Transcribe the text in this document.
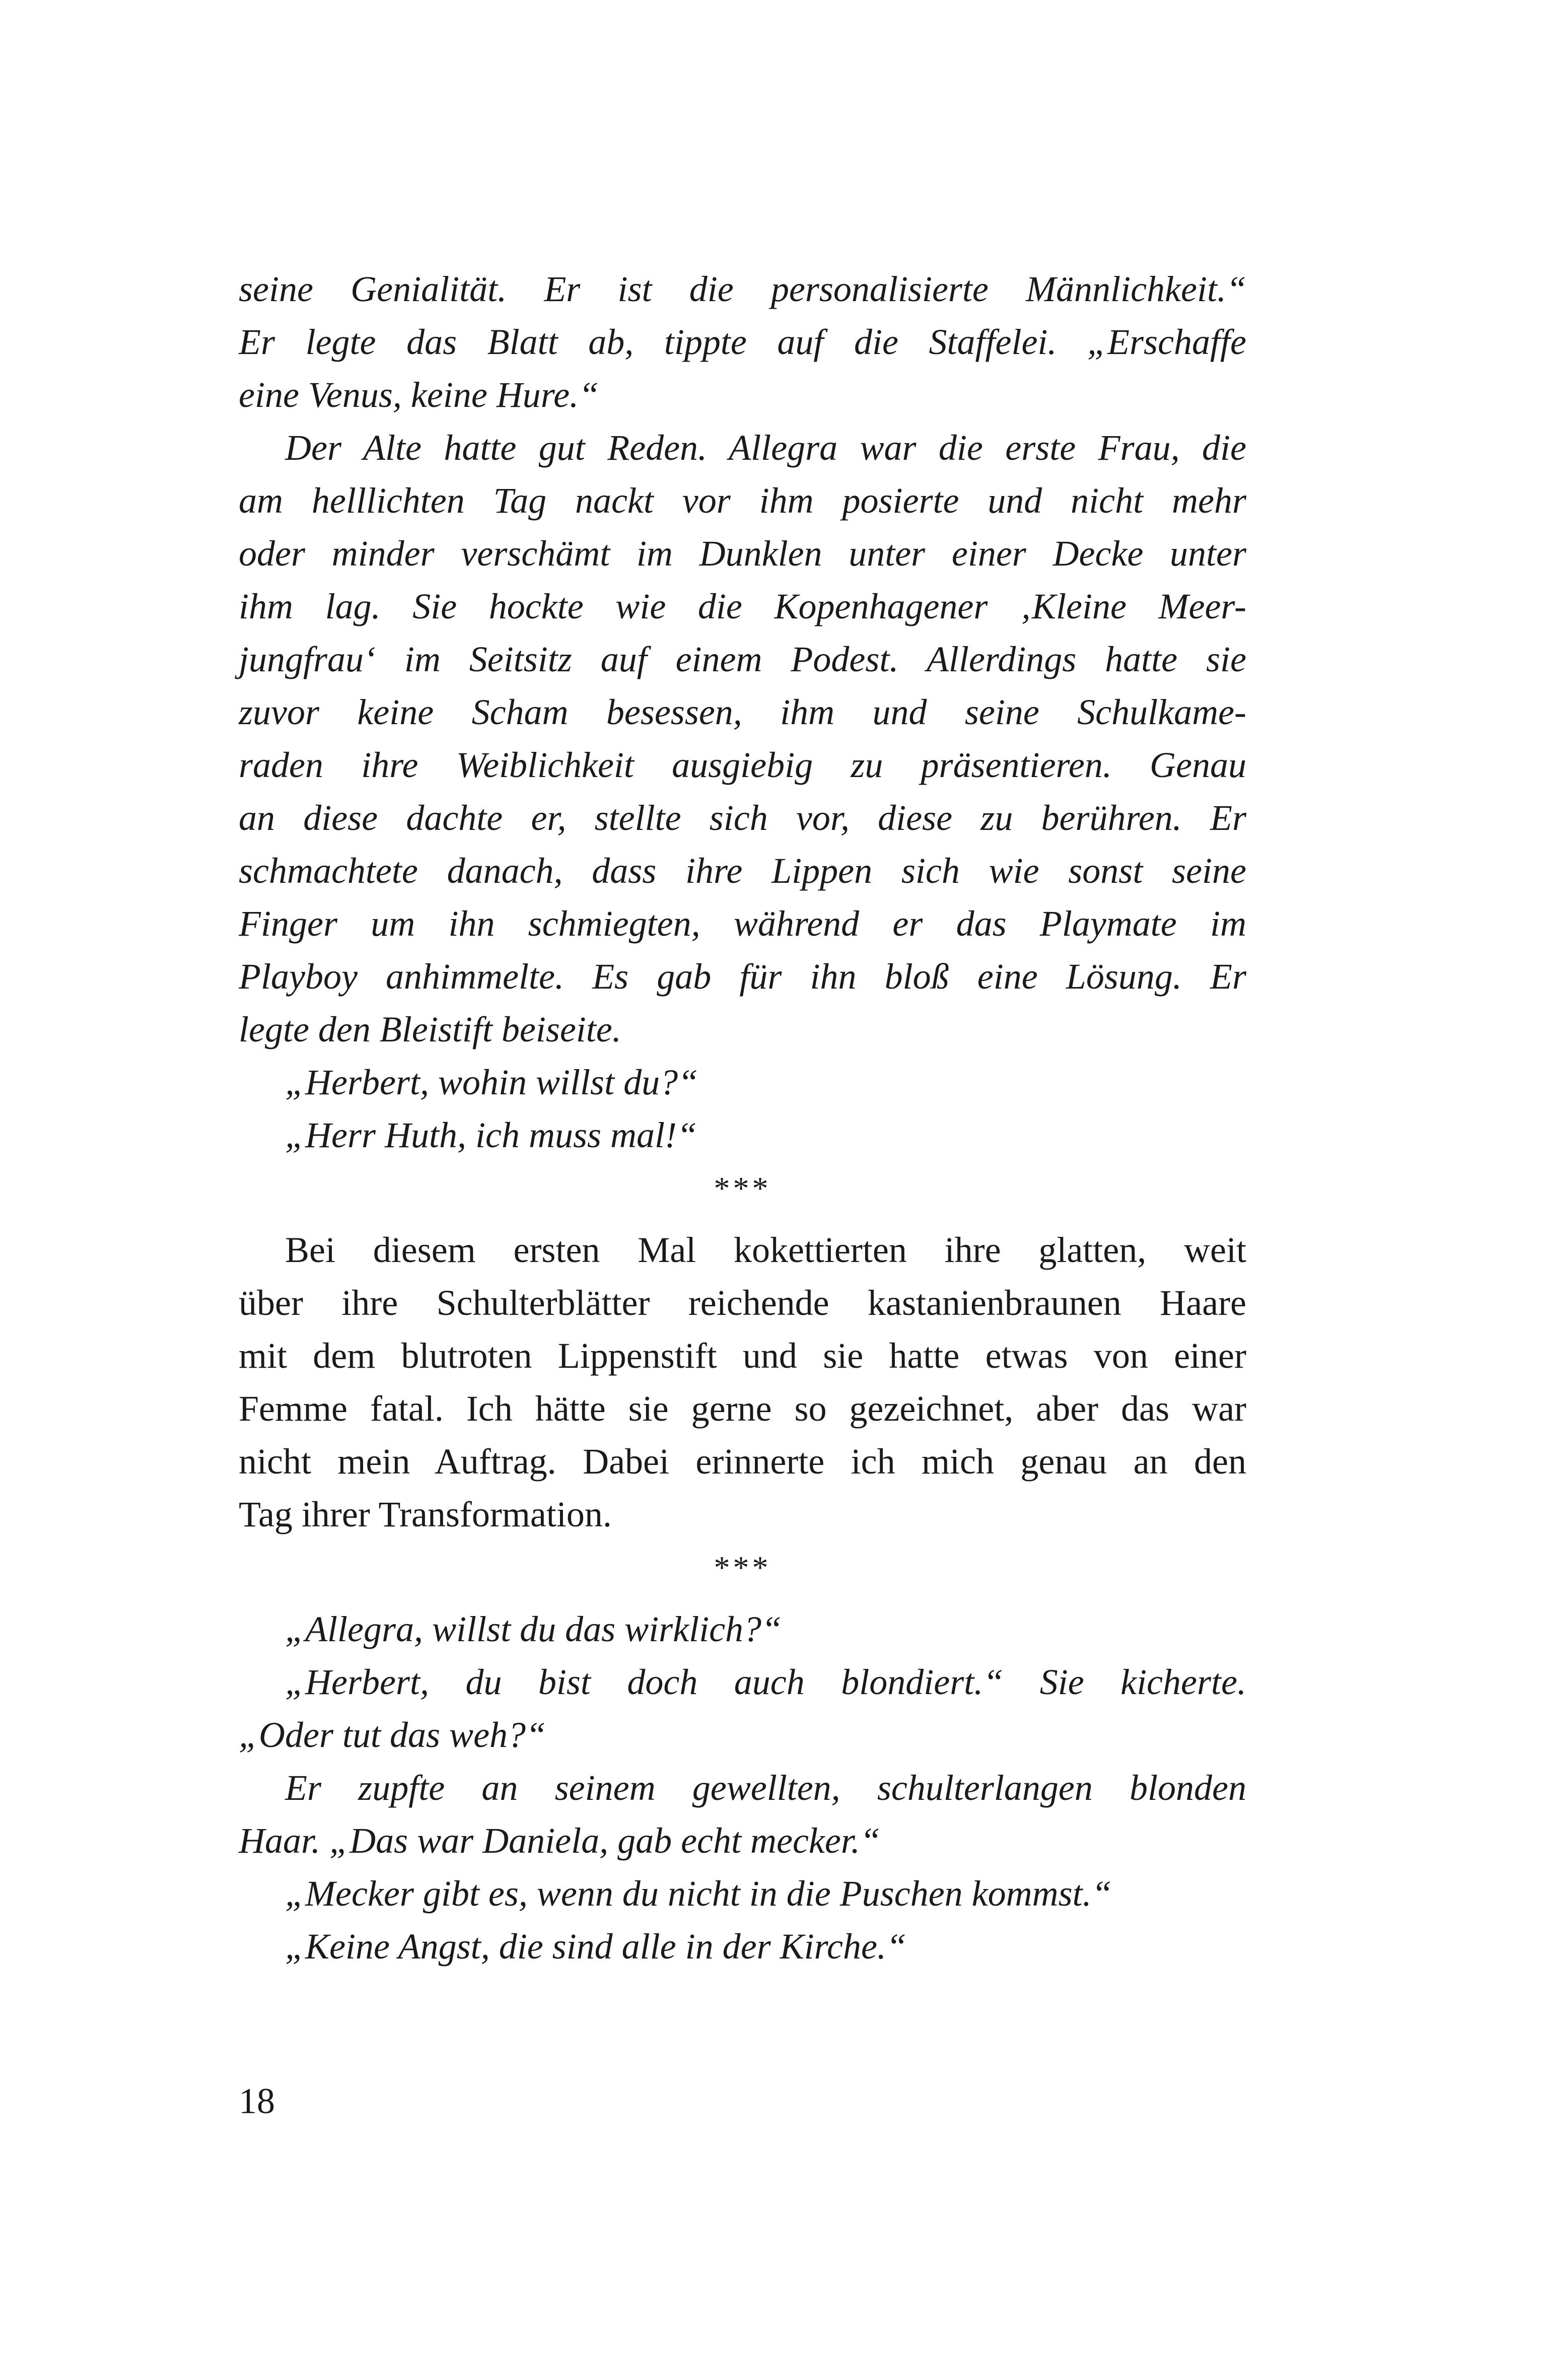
seine Genialität. Er ist die personalisierte Männlichkeit.“
Er legte das Blatt ab, tippte auf die Staffelei. „Erschaffe
eine Venus, keine Hure.“
Der Alte hatte gut Reden. Allegra war die erste Frau, die
am helllichten Tag nackt vor ihm posierte und nicht mehr
oder minder verschämt im Dunklen unter einer Decke unter
ihm lag. Sie hockte wie die Kopenhagener ‚Kleine Meer-
jungfrau‘ im Seitsitz auf einem Podest. Allerdings hatte sie
zuvor keine Scham besessen, ihm und seine Schulkame-
raden ihre Weiblichkeit ausgiebig zu präsentieren. Genau
an diese dachte er, stellte sich vor, diese zu berühren. Er
schmachtete danach, dass ihre Lippen sich wie sonst seine
Finger um ihn schmiegten, während er das Playmate im
Playboy anhimmelte. Es gab für ihn bloß eine Lösung. Er
legte den Bleistift beiseite.
„Herbert, wohin willst du?“
„Herr Huth, ich muss mal!“
***
Bei diesem ersten Mal kokettierten ihre glatten, weit
über ihre Schulterblätter reichende kastanienbraunen Haare
mit dem blutroten Lippenstift und sie hatte etwas von einer
Femme fatal. Ich hätte sie gerne so gezeichnet, aber das war
nicht mein Auftrag. Dabei erinnerte ich mich genau an den
Tag ihrer Transformation.
***
„Allegra, willst du das wirklich?“
„Herbert, du bist doch auch blondiert.“ Sie kicherte.
„Oder tut das weh?“
Er zupfte an seinem gewellten, schulterlangen blonden
Haar. „Das war Daniela, gab echt mecker.“
„Mecker gibt es, wenn du nicht in die Puschen kommst.“
„Keine Angst, die sind alle in der Kirche.“
18
